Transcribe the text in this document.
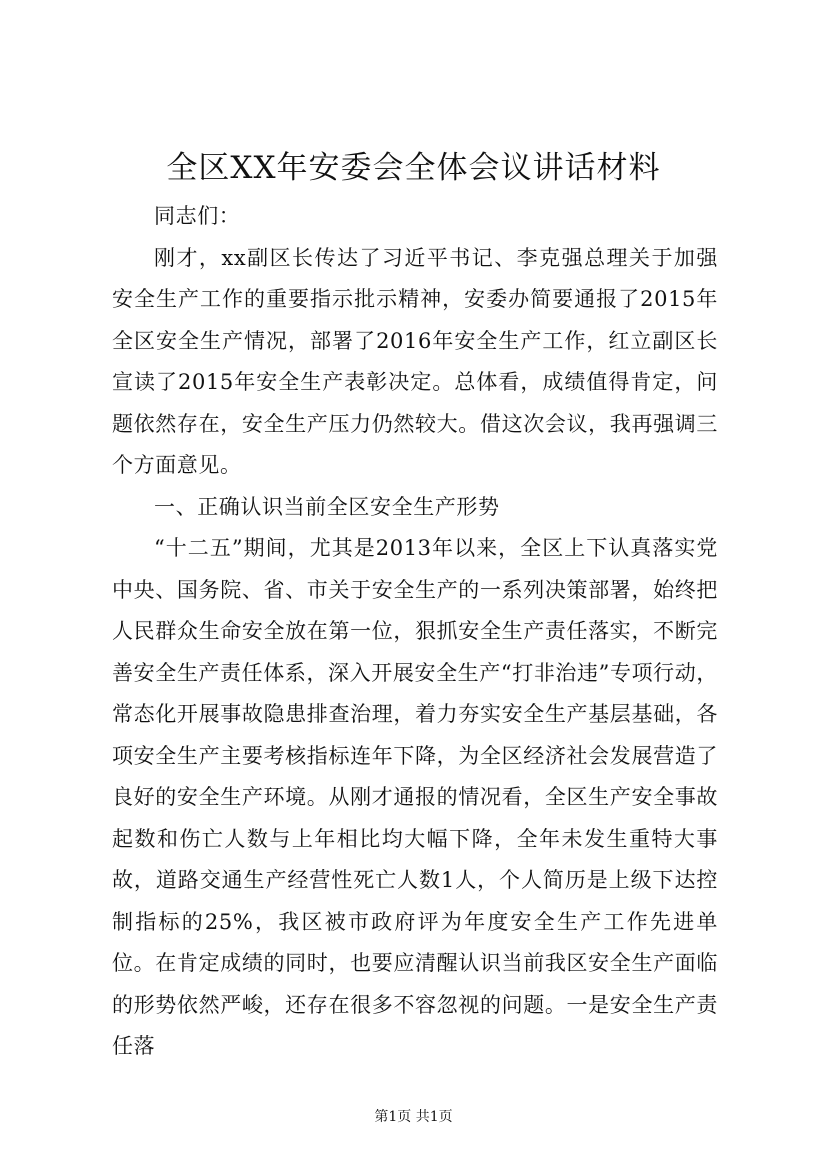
全区XX年安委会全体会议讲话材料

同志们：

刚才，xx副区长传达了习近平书记、李克强总理关于加强安全生产工作的重要指示批示精神，安委办简要通报了2015年全区安全生产情况，部署了2016年安全生产工作，红立副区长宣读了2015年安全生产表彰决定。总体看，成绩值得肯定，问题依然存在，安全生产压力仍然较大。借这次会议，我再强调三个方面意见。

一、正确认识当前全区安全生产形势

“十二五”期间，尤其是2013年以来，全区上下认真落实党中央、国务院、省、市关于安全生产的一系列决策部署，始终把人民群众生命安全放在第一位，狠抓安全生产责任落实，不断完善安全生产责任体系，深入开展安全生产“打非治违”专项行动，常态化开展事故隐患排查治理，着力夯实安全生产基层基础，各项安全生产主要考核指标连年下降，为全区经济社会发展营造了良好的安全生产环境。从刚才通报的情况看，全区生产安全事故起数和伤亡人数与上年相比均大幅下降，全年未发生重特大事故，道路交通生产经营性死亡人数1人，个人简历是上级下达控制指标的25%，我区被市政府评为年度安全生产工作先进单位。在肯定成绩的同时，也要应清醒认识当前我区安全生产面临的形势依然严峻，还存在很多不容忽视的问题。一是安全生产责任落

第1页 共1页
